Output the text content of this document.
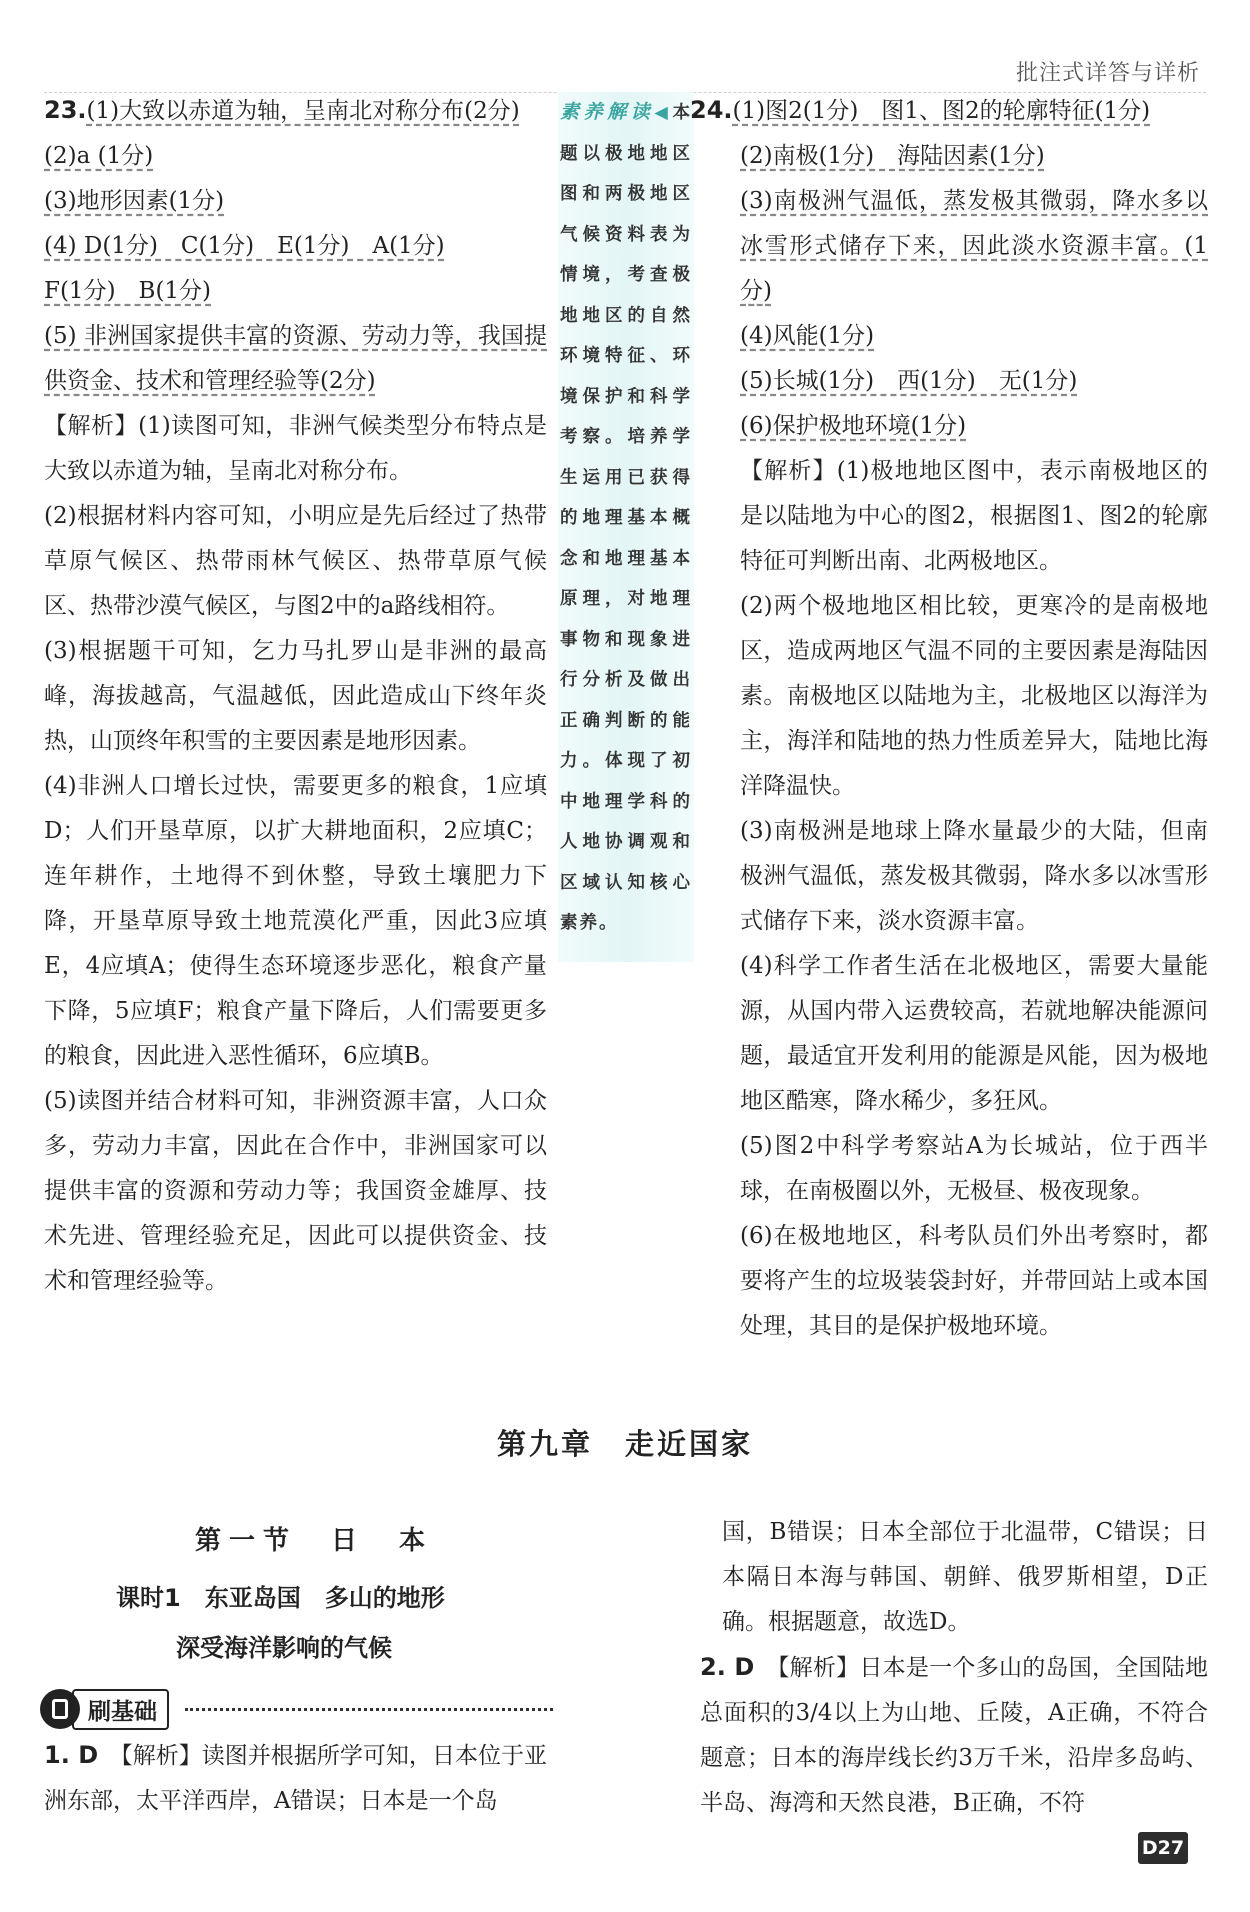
批注式详答与详析

23.(1)大致以赤道为轴，呈南北对称分布(2分)

(2)a (1分)

(3)地形因素(1分)

(4) D(1分)　C(1分)　E(1分)　A(1分)

F(1分)　B(1分)

(5) 非洲国家提供丰富的资源、劳动力等，我国提供资金、技术和管理经验等(2分)

【解析】(1)读图可知，非洲气候类型分布特点是大致以赤道为轴，呈南北对称分布。

(2)根据材料内容可知，小明应是先后经过了热带草原气候区、热带雨林气候区、热带草原气候区、热带沙漠气候区，与图2中的a路线相符。

(3)根据题干可知，乞力马扎罗山是非洲的最高峰，海拔越高，气温越低，因此造成山下终年炎热，山顶终年积雪的主要因素是地形因素。

(4)非洲人口增长过快，需要更多的粮食，1应填D；人们开垦草原，以扩大耕地面积，2应填C；连年耕作，土地得不到休整，导致土壤肥力下降，开垦草原导致土地荒漠化严重，因此3应填E，4应填A；使得生态环境逐步恶化，粮食产量下降，5应填F；粮食产量下降后，人们需要更多的粮食，因此进入恶性循环，6应填B。

(5)读图并结合材料可知，非洲资源丰富，人口众多，劳动力丰富，因此在合作中，非洲国家可以提供丰富的资源和劳动力等；我国资金雄厚、技术先进、管理经验充足，因此可以提供资金、技术和管理经验等。

素养解读◀本题以极地地区图和两极地区气候资料表为情境，考查极地地区的自然环境特征、环境保护和科学考察。培养学生运用已获得的地理基本概念和地理基本原理，对地理事物和现象进行分析及做出正确判断的能力。体现了初中地理学科的人地协调观和区域认知核心素养。

24.(1)图2(1分)　图1、图2的轮廓特征(1分)

(2)南极(1分)　海陆因素(1分)

(3)南极洲气温低，蒸发极其微弱，降水多以冰雪形式储存下来，因此淡水资源丰富。(1分)

(4)风能(1分)

(5)长城(1分)　西(1分)　无(1分)

(6)保护极地环境(1分)

【解析】(1)极地地区图中，表示南极地区的是以陆地为中心的图2，根据图1、图2的轮廓特征可判断出南、北两极地区。

(2)两个极地地区相比较，更寒冷的是南极地区，造成两地区气温不同的主要因素是海陆因素。南极地区以陆地为主，北极地区以海洋为主，海洋和陆地的热力性质差异大，陆地比海洋降温快。

(3)南极洲是地球上降水量最少的大陆，但南极洲气温低，蒸发极其微弱，降水多以冰雪形式储存下来，淡水资源丰富。

(4)科学工作者生活在北极地区，需要大量能源，从国内带入运费较高，若就地解决能源问题，最适宜开发利用的能源是风能，因为极地地区酷寒，降水稀少，多狂风。

(5)图2中科学考察站A为长城站，位于西半球，在南极圈以外，无极昼、极夜现象。

(6)在极地地区，科考队员们外出考察时，都要将产生的垃圾装袋封好，并带回站上或本国处理，其目的是保护极地环境。

第九章　走近国家
第一节　日　本
课时1　东亚岛国　多山的地形
深受海洋影响的气候
刷基础

1. D　 【解析】读图并根据所学可知，日本位于亚洲东部，太平洋西岸，A错误；日本是一个岛

国，B错误；日本全部位于北温带，C错误；日本隔日本海与韩国、朝鲜、俄罗斯相望，D正确。根据题意，故选D。

2. D　 【解析】日本是一个多山的岛国，全国陆地总面积的3/4以上为山地、丘陵，A正确，不符合题意；日本的海岸线长约3万千米，沿岸多岛屿、半岛、海湾和天然良港，B正确，不符

D27
